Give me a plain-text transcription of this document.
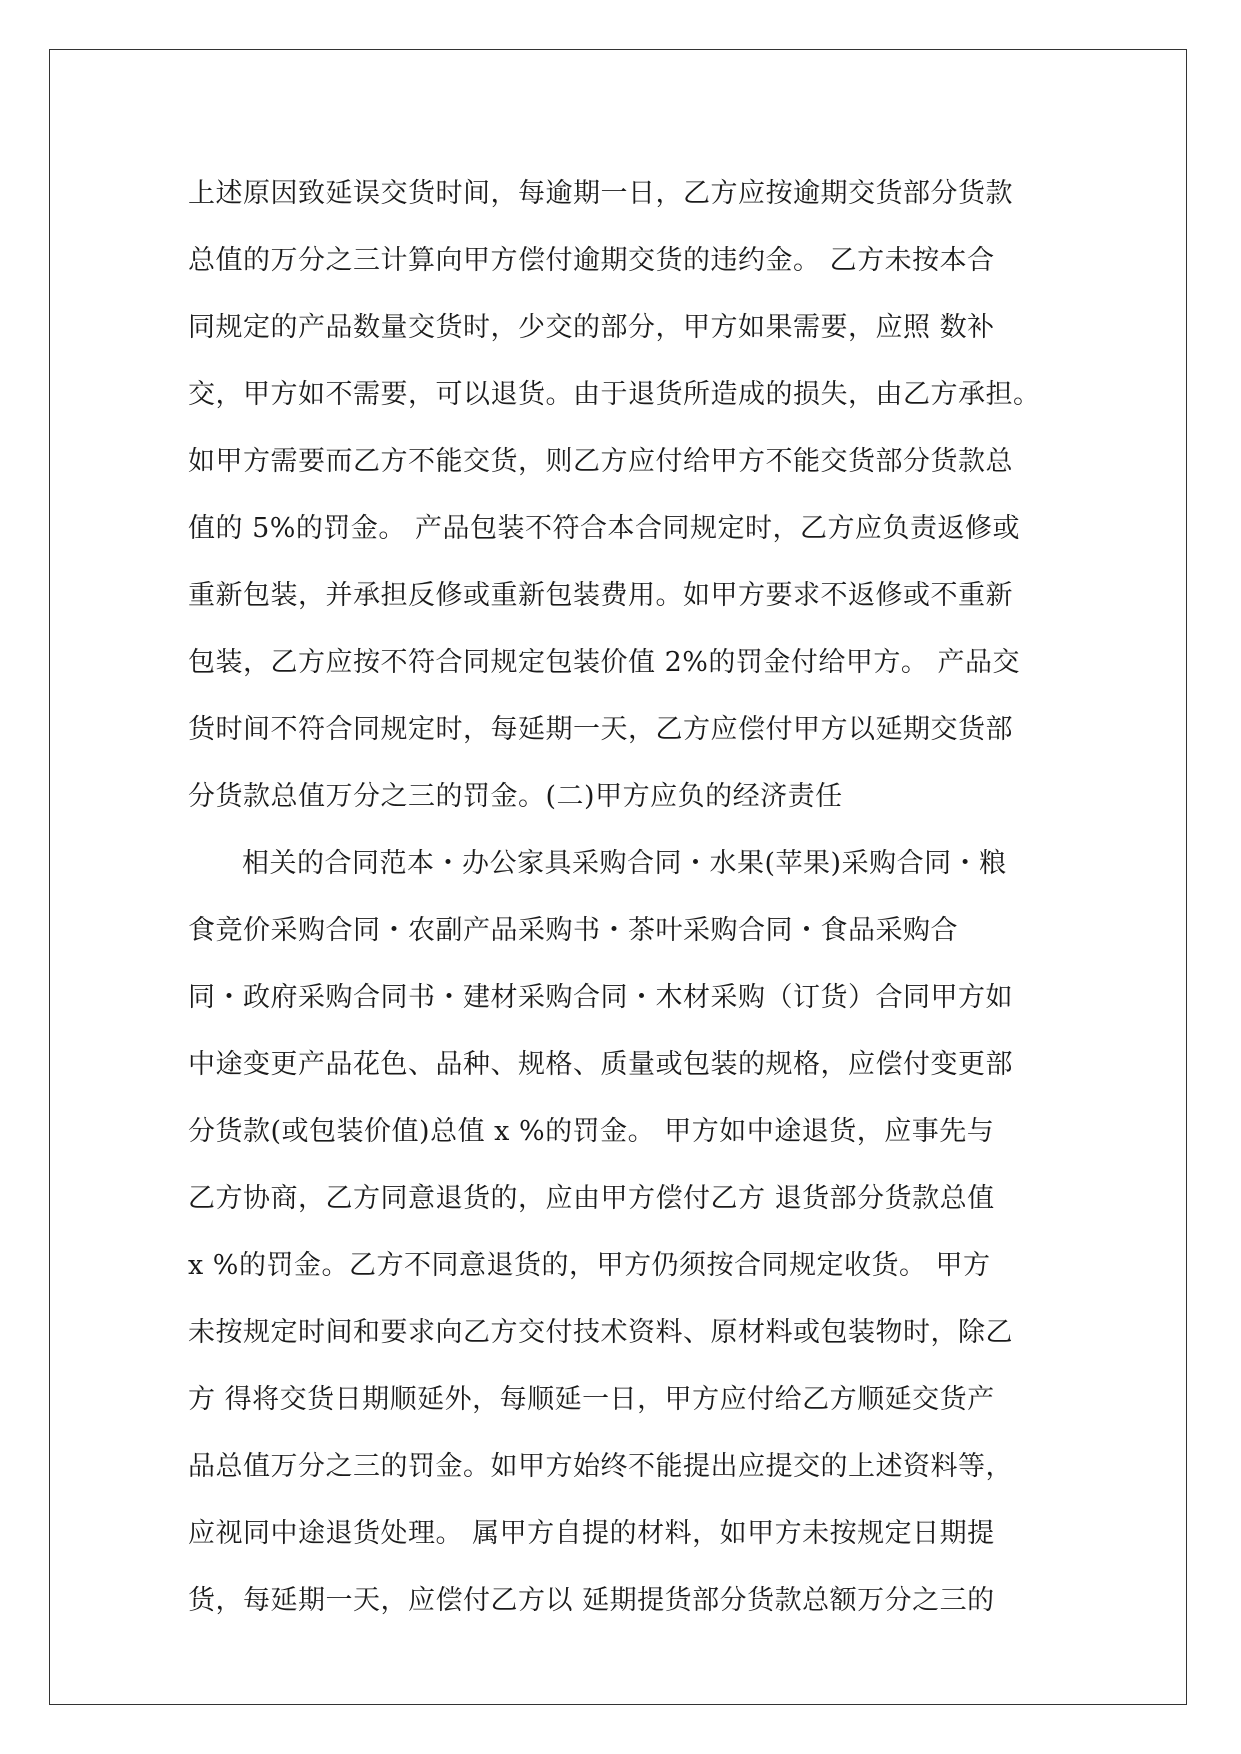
上述原因致延误交货时间，每逾期一日，乙方应按逾期交货部分货款
总值的万分之三计算向甲方偿付逾期交货的违约金。 乙方未按本合
同规定的产品数量交货时，少交的部分，甲方如果需要，应照 数补
交，甲方如不需要，可以退货。由于退货所造成的损失，由乙方承担。
如甲方需要而乙方不能交货，则乙方应付给甲方不能交货部分货款总
值的 5%的罚金。 产品包装不符合本合同规定时，乙方应负责返修或
重新包装，并承担反修或重新包装费用。如甲方要求不返修或不重新
包装，乙方应按不符合同规定包装价值 2%的罚金付给甲方。 产品交
货时间不符合同规定时，每延期一天，乙方应偿付甲方以延期交货部
分货款总值万分之三的罚金。(二)甲方应负的经济责任
相关的合同范本・办公家具采购合同・水果(苹果)采购合同・粮
食竞价采购合同・农副产品采购书・茶叶采购合同・食品采购合
同・政府采购合同书・建材采购合同・木材采购（订货）合同甲方如
中途变更产品花色、品种、规格、质量或包装的规格，应偿付变更部
分货款(或包装价值)总值 x %的罚金。 甲方如中途退货，应事先与
乙方协商，乙方同意退货的，应由甲方偿付乙方 退货部分货款总值
x %的罚金。乙方不同意退货的，甲方仍须按合同规定收货。 甲方
未按规定时间和要求向乙方交付技术资料、原材料或包装物时，除乙
方 得将交货日期顺延外，每顺延一日，甲方应付给乙方顺延交货产
品总值万分之三的罚金。如甲方始终不能提出应提交的上述资料等，
应视同中途退货处理。 属甲方自提的材料，如甲方未按规定日期提
货，每延期一天，应偿付乙方以 延期提货部分货款总额万分之三的
